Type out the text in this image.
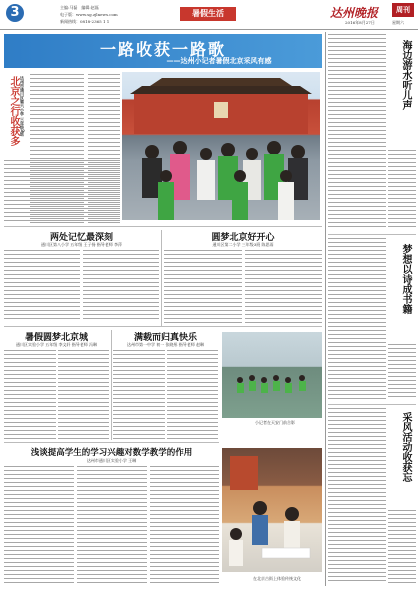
3	主编:马磊　编辑:赵磊
电子版：www.sg.zjlnews.com
新闻热线：0818-2365 1 1
暑假生活	达州晚报	周刊
2016年8月27日	星期六
一路收获一路歌
——达州小记者暑假北京采风有感
北京之行收获多 达州市通川区第六小学 三年级3班
两处记忆最深刻
通川区第八小学 五年级 王子扬 指导老师 李萍
圆梦北京好开心
通川区第二小学 三年级3班 陈思雨
暑假圆梦北京城
通川区实验小学 五年级 李文轩 指导老师 冯琳
满载而归真快乐
达州市第一中学 初一 张晓彤 指导老师 赵琳
小记者在天安门前合影
浅谈提高学生的学习兴趣对数学教学的作用
达州市通川区实验小学 王琳
在北京古街上体验传统文化
海边游水听儿声
梦想以诗成书籍
采风活动收获忘
